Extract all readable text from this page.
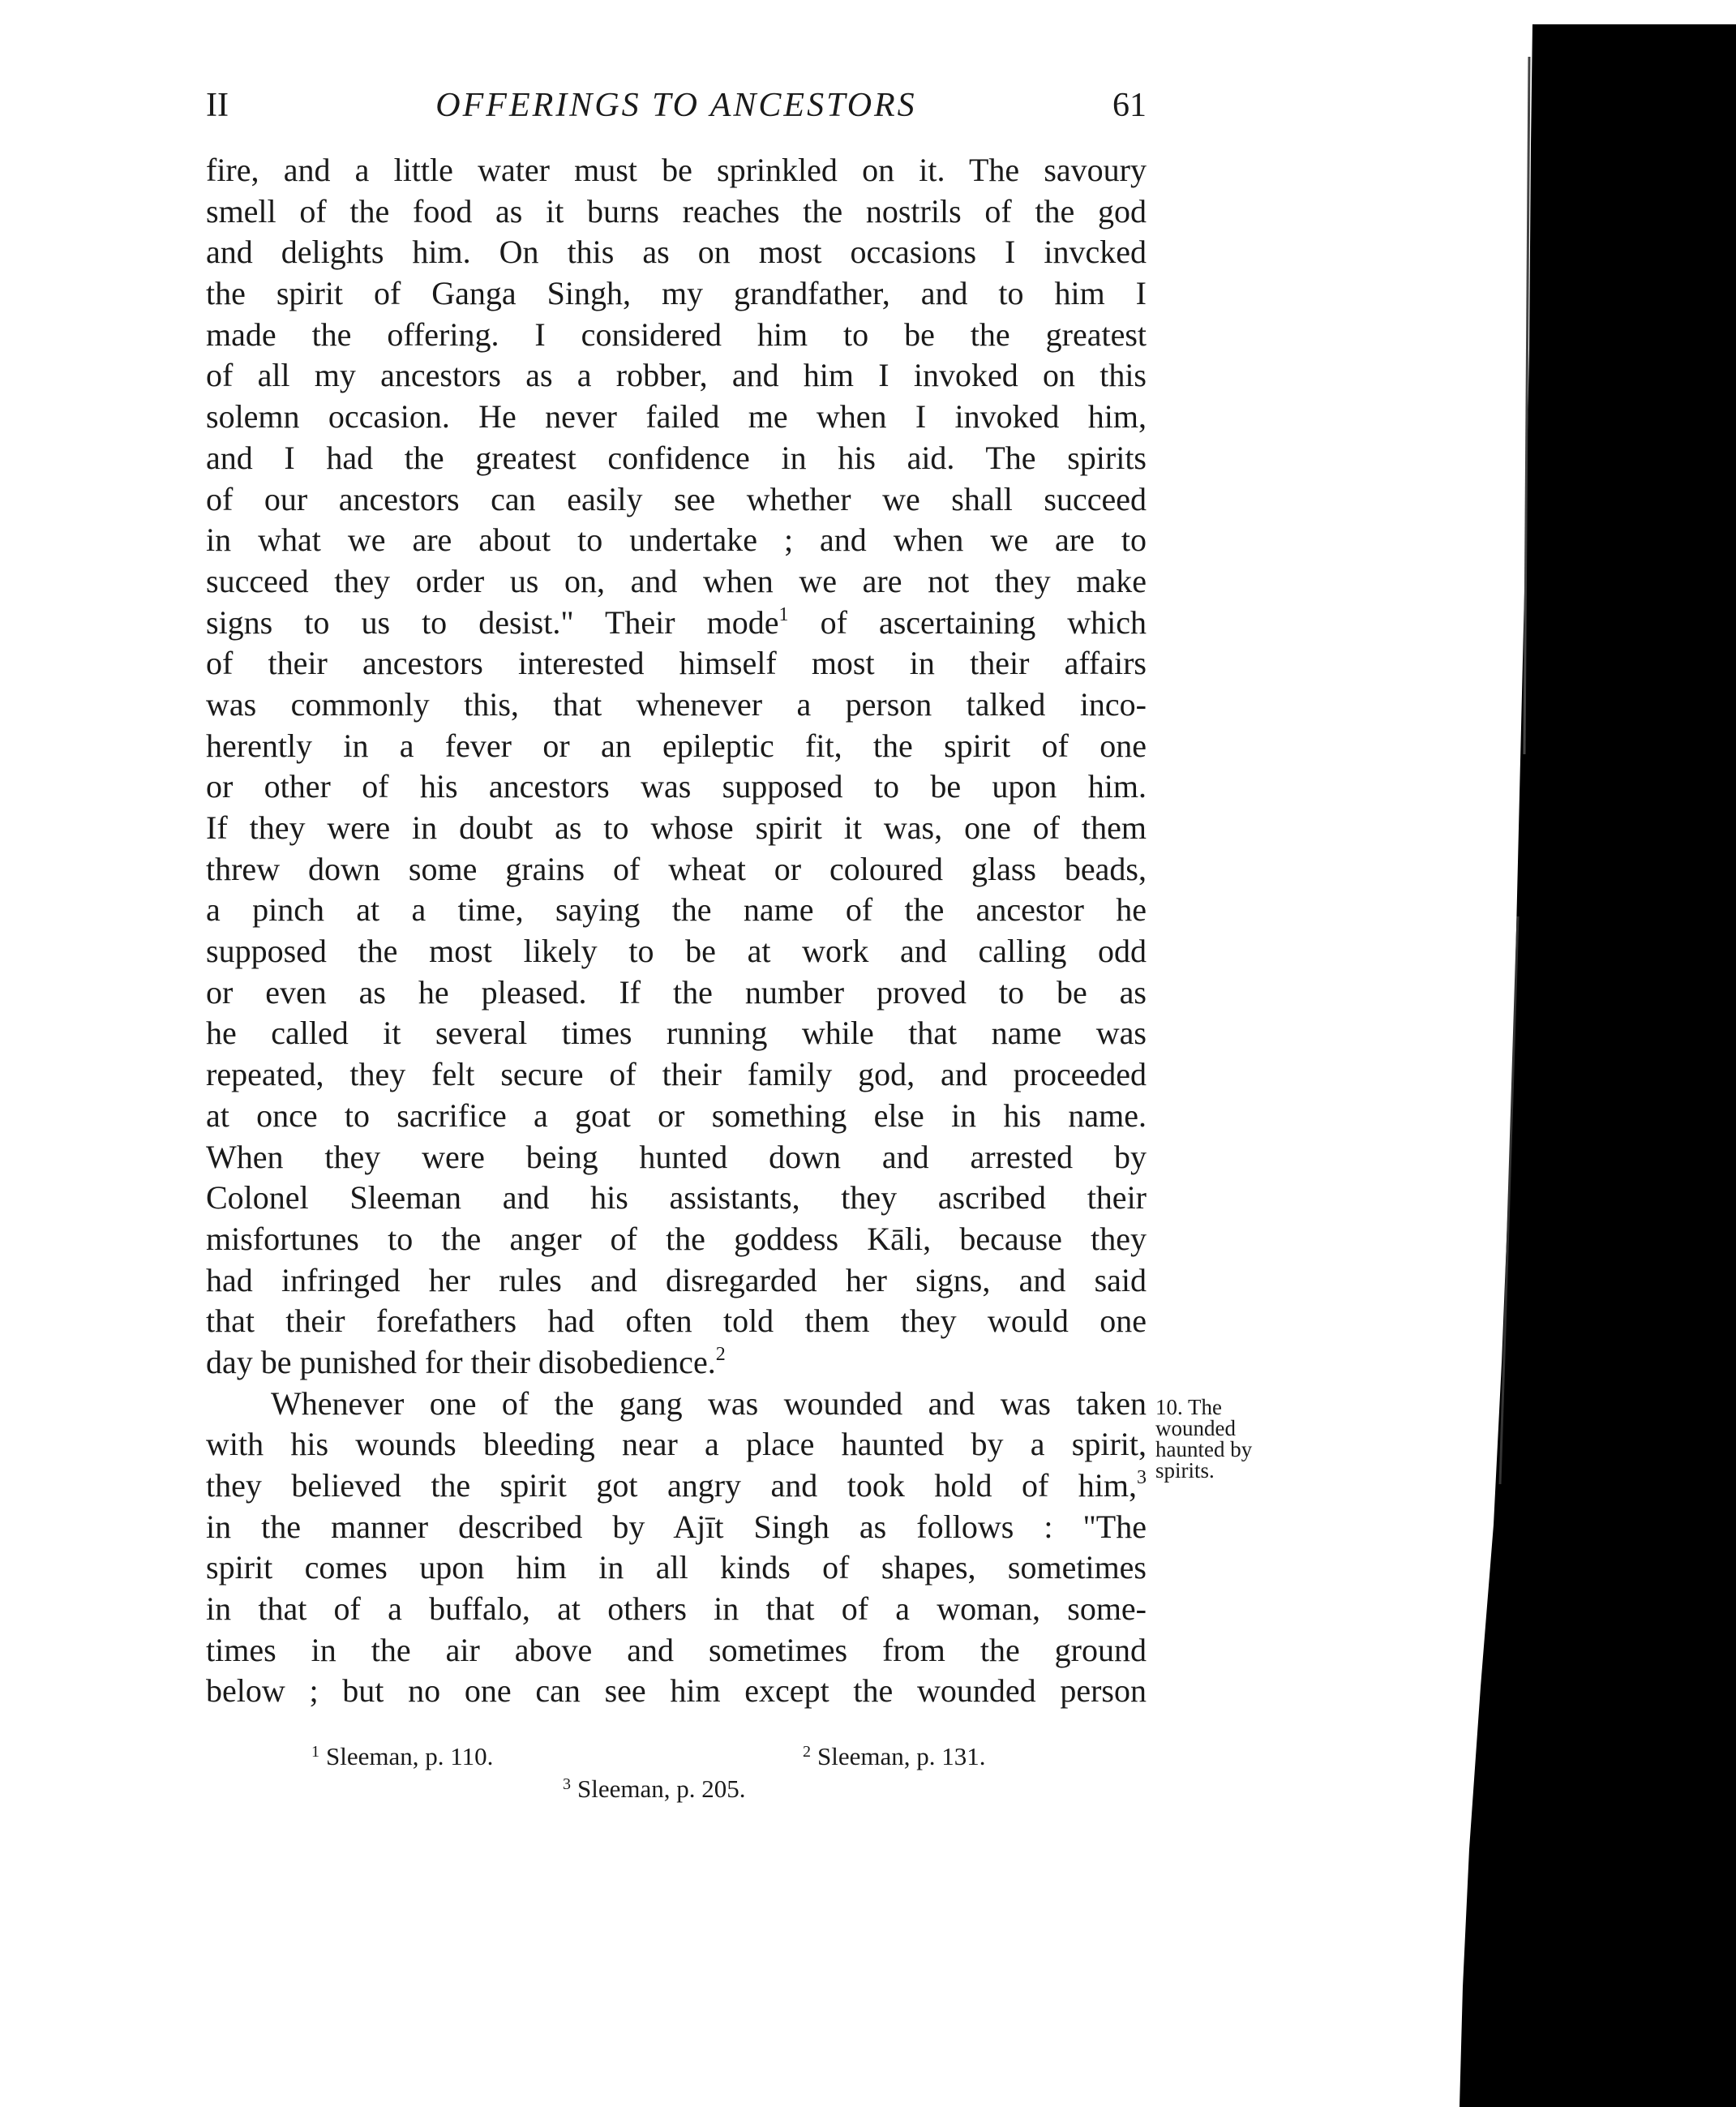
II	OFFERINGS TO ANCESTORS	61
fire, and a little water must be sprinkled on it. The savoury
smell of the food as it burns reaches the nostrils of the god
and delights him. On this as on most occasions I invcked
the spirit of Ganga Singh, my grandfather, and to him I
made the offering. I considered him to be the greatest
of all my ancestors as a robber, and him I invoked on this
solemn occasion. He never failed me when I invoked him,
and I had the greatest confidence in his aid. The spirits
of our ancestors can easily see whether we shall succeed
in what we are about to undertake ; and when we are to
succeed they order us on, and when we are not they make
signs to us to desist." Their mode$^1$ of ascertaining which
of their ancestors interested himself most in their affairs
was commonly this, that whenever a person talked inco-
herently in a fever or an epileptic fit, the spirit of one
or other of his ancestors was supposed to be upon him.
If they were in doubt as to whose spirit it was, one of them
threw down some grains of wheat or coloured glass beads,
a pinch at a time, saying the name of the ancestor he
supposed the most likely to be at work and calling odd
or even as he pleased. If the number proved to be as
he called it several times running while that name was
repeated, they felt secure of their family god, and proceeded
at once to sacrifice a goat or something else in his name.
When they were being hunted down and arrested by
Colonel Sleeman and his assistants, they ascribed their
misfortunes to the anger of the goddess Kāli, because they
had infringed her rules and disregarded her signs, and said
that their forefathers had often told them they would one
day be punished for their disobedience.$^2$
Whenever one of the gang was wounded and was taken
with his wounds bleeding near a place haunted by a spirit,
they believed the spirit got angry and took hold of him,$^3$
in the manner described by Ajīt Singh as follows : "The
spirit comes upon him in all kinds of shapes, sometimes
in that of a buffalo, at others in that of a woman, some-
times in the air above and sometimes from the ground
below ; but no one can see him except the wounded person
10. The
wounded
haunted by
spirits.
$^1$ Sleeman, p. 110.	$^2$ Sleeman, p. 131.
$^3$ Sleeman, p. 205.
